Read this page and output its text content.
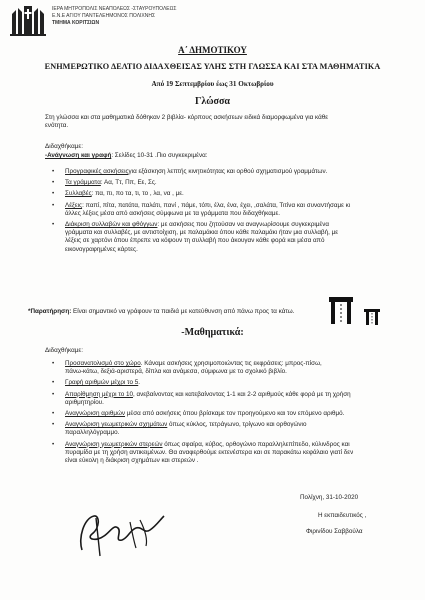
ΙΕΡΑ ΜΗΤΡΟΠΟΛΙΣ ΝΕΑΠΟΛΕΩΣ -ΣΤΑΥΡΟΥΠΟΛΕΩΣ
Ε.Ν.Ε ΑΓΙΟΥ ΠΑΝΤΕΛΕΗΜΟΝΟΣ ΠΟΛΙΧΝΗΣ
ΤΜΗΜΑ ΚΟΡΙΤΣΙΩΝ
Α΄ ΔΗΜΟΤΙΚΟΥ
ΕΝΗΜΕΡΩΤΙΚΟ ΔΕΛΤΙΟ ΔΙΔΑΧΘΕΙΣΑΣ ΥΛΗΣ ΣΤΗ ΓΛΩΣΣΑ ΚΑΙ ΣΤΑ ΜΑΘΗΜΑΤΙΚΑ
Από 19 Σεπτεμβρίου έως 31 Οκτωβρίου
Γλώσσα
Στη γλώσσα και στα μαθηματικά δόθηκαν 2 βιβλία- κόρπους ασκήσεων ειδικά διαμορφωμένα για κάθε
ενότητα.
Διδαχθήκαμε:
-Ανάγνωση και γραφή: Σελίδες 10-31 .Πιο συγκεκριμένα:
• Προγραφικές ασκήσειςγια εξάσκηση λεπτής κινητικότητας και ορθού σχηματισμού γραμμάτων.
• Τα γράμματα: Αα, Ττ, Ππ, Εε, Σς.
• Συλλαβές: πα, πι, πο τα, τι, το , λα, να , με.
• Λέξεις: παπί, πίτα, πατάτα, παλάτι, πανί , πάμε, τόπι, έλα, ένα, έχει, ,σαλάτα, Τιτίνα και συναντήσαμε κι
άλλες λέξεις μέσα από ασκήσεις σύμφωνα με τα γράμματα που διδαχθήκαμε.
• Διάκριση συλλαβών και φθόγγων: με ασκήσεις που ζητούσαν να αναγνωρίσουμε συγκεκριμένα
γράμματα και συλλαβές, με αντιστοίχιση, με παλαμάκια όπου κάθε παλαμάκι ήταν μια συλλαβή, με
λέξεις σε χαρτόνι όπου έπρεπε να κόψουν τη συλλαβή που άκουγαν κάθε φορά και μέσα από
εικονογραφημένες κάρτες.
*Παρατήρηση: Είναι σημαντικό να γράφουν τα παιδιά με κατεύθυνση από πάνω προς τα κάτω.
-Μαθηματικά:
Διδαχθήκαμε:
• Προσανατολισμό στο χώρο. Κάναμε ασκήσεις χρησιμοποιώντας τις εκφράσεις: μπρος-πίσω,
πάνω-κάτω, δεξιά-αριστερά, δίπλα και ανάμεσα, σύμφωνα με το σχολικό βιβλίο.
• Γραφή αριθμών μέχρι το 5.
• Απαρίθμηση μέχρι το 10, ανεβαίνοντας και κατεβαίνοντας 1-1 και 2-2 αριθμούς κάθε φορά με τη χρήση
αριθμητηρίου.
• Αναγνώριση αριθμών μέσα από ασκήσεις όπου βρίσκαμε τον προηγούμενο και τον επόμενο αριθμό.
• Αναγνώριση γεωμετρικών σχημάτων όπως κύκλος, τετράγωνο, τρίγωνο και ορθογώνιο
παραλληλόγραμμο.
• Αναγνώριση γεωμετρικών στερεών όπως σφαίρα, κύβος, ορθογώνιο παραλληλεπίπεδο, κύλινδρος και
πυραμίδα με τη χρήση αντικειμένων. Θα αναφερθούμε εκτενέστερα και σε παρακάτω κεφάλαιο γιατί δεν
είναι εύκολη η διάκριση σχημάτων και στερεών .
Πολίχνη, 31-10-2020
Η εκπαιδευτικός ,
Φιρινίδου Σαββούλα
